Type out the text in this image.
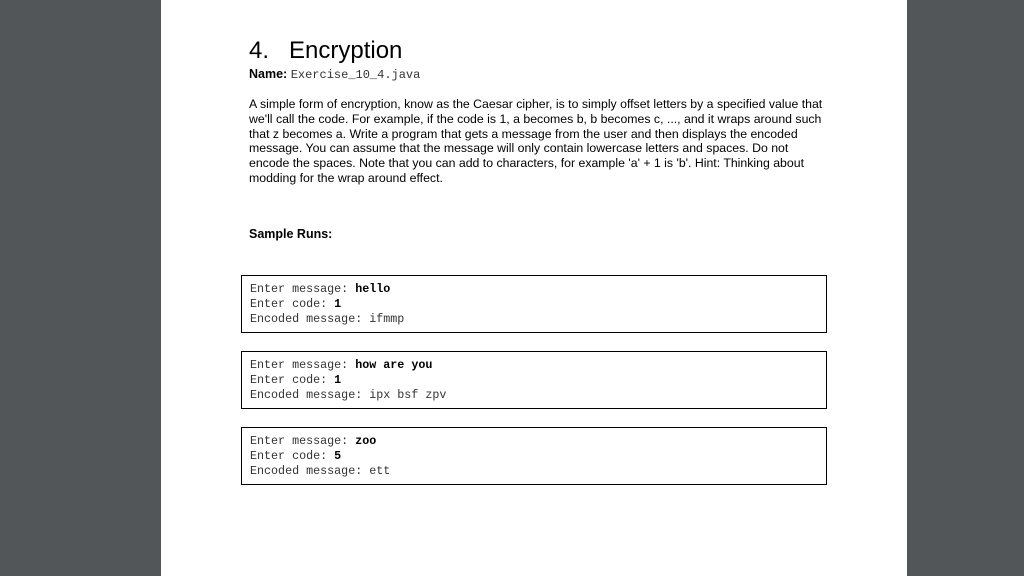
4. Encryption
Name: Exercise_10_4.java
A simple form of encryption, know as the Caesar cipher, is to simply offset letters by a specified value that we'll call the code. For example, if the code is 1, a becomes b, b becomes c, ..., and it wraps around such that z becomes a. Write a program that gets a message from the user and then displays the encoded message. You can assume that the message will only contain lowercase letters and spaces. Do not encode the spaces. Note that you can add to characters, for example 'a' + 1 is 'b'. Hint: Thinking about modding for the wrap around effect.
Sample Runs:
Enter message: hello
Enter code: 1
Encoded message: ifmmp
Enter message: how are you
Enter code: 1
Encoded message: ipx bsf zpv
Enter message: zoo
Enter code: 5
Encoded message: ett
